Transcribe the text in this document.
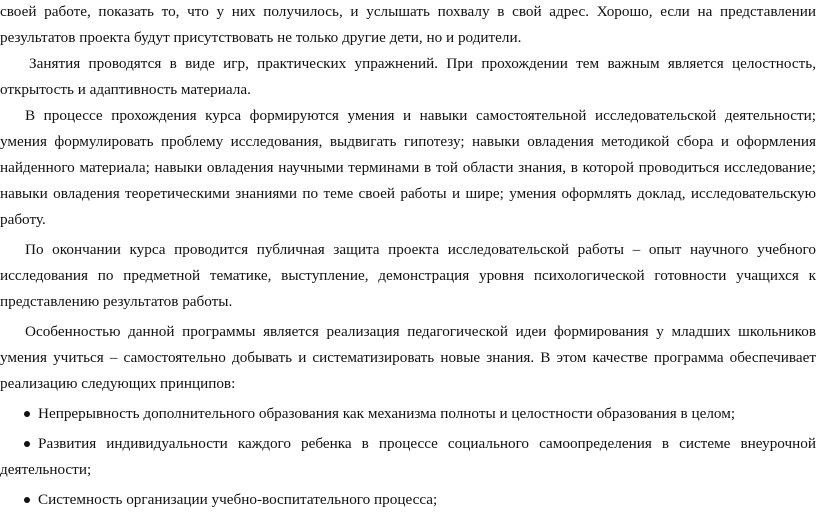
своей работе, показать то, что у них получилось, и услышать похвалу в свой адрес. Хорошо, если на представлении результатов проекта будут присутствовать не только другие дети, но и родители.

Занятия проводятся в виде игр, практических упражнений. При прохождении тем важным является целостность, открытость и адаптивность материала.

В процессе прохождения курса формируются умения и навыки самостоятельной исследовательской деятельности; умения формулировать проблему исследования, выдвигать гипотезу; навыки овладения методикой сбора и оформления найденного материала; навыки овладения научными терминами в той области знания, в которой проводиться исследование; навыки овладения теоретическими знаниями по теме своей работы и шире; умения оформлять доклад, исследовательскую работу.

По окончании курса проводится публичная защита проекта исследовательской работы – опыт научного учебного исследования по предметной тематике, выступление, демонстрация уровня психологической готовности учащихся к представлению результатов работы.

Особенностью данной программы является реализация педагогической идеи формирования у младших школьников умения учиться – самостоятельно добывать и систематизировать новые знания. В этом качестве программа обеспечивает реализацию следующих принципов:

Непрерывность дополнительного образования как механизма полноты и целостности образования в целом;
Развития индивидуальности каждого ребенка в процессе социального самоопределения в системе внеурочной деятельности;
Системность организации учебно-воспитательного процесса;
